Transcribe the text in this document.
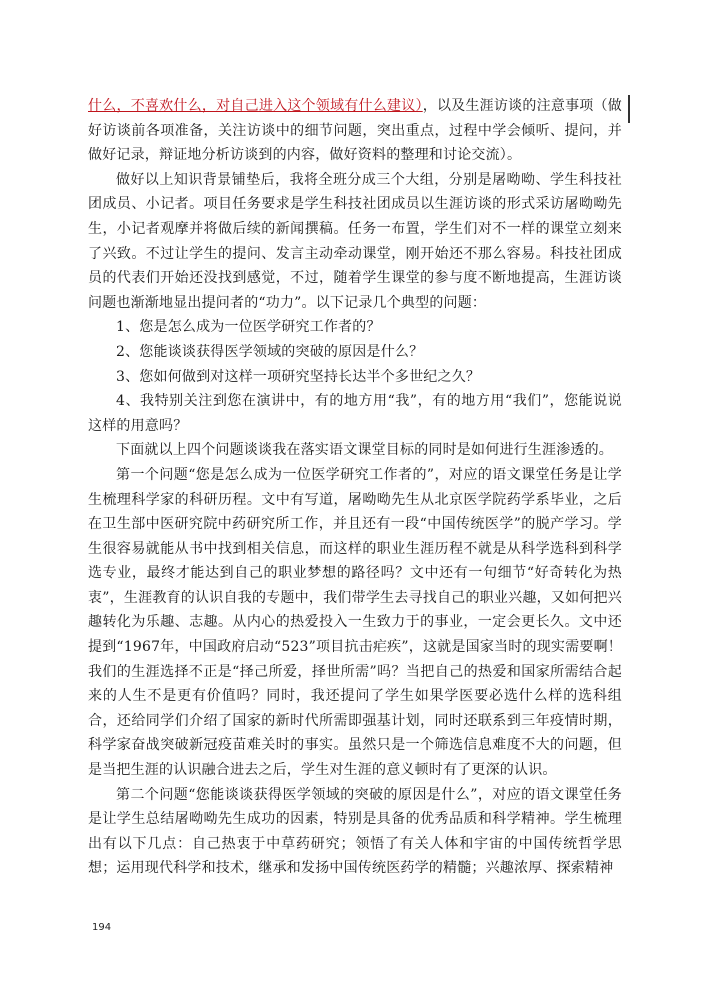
什么，不喜欢什么，对自己进入这个领域有什么建议），以及生涯访谈的注意事项（做好访谈前各项准备，关注访谈中的细节问题，突出重点，过程中学会倾听、提问，并做好记录，辩证地分析访谈到的内容，做好资料的整理和讨论交流）。

做好以上知识背景铺垫后，我将全班分成三个大组，分别是屠呦呦、学生科技社团成员、小记者。项目任务要求是学生科技社团成员以生涯访谈的形式采访屠呦呦先生，小记者观摩并将做后续的新闻撰稿。任务一布置，学生们对不一样的课堂立刻来了兴致。不过让学生的提问、发言主动牵动课堂，刚开始还不那么容易。科技社团成员的代表们开始还没找到感觉，不过，随着学生课堂的参与度不断地提高，生涯访谈问题也渐渐地显出提问者的“功力”。以下记录几个典型的问题：

1、您是怎么成为一位医学研究工作者的？

2、您能谈谈获得医学领域的突破的原因是什么？

3、您如何做到对这样一项研究坚持长达半个多世纪之久？

4、我特别关注到您在演讲中，有的地方用“我”，有的地方用“我们”，您能说说这样的用意吗？

下面就以上四个问题谈谈我在落实语文课堂目标的同时是如何进行生涯渗透的。

第一个问题“您是怎么成为一位医学研究工作者的”，对应的语文课堂任务是让学生梳理科学家的科研历程。文中有写道，屠呦呦先生从北京医学院药学系毕业，之后在卫生部中医研究院中药研究所工作，并且还有一段“中国传统医学”的脱产学习。学生很容易就能从书中找到相关信息，而这样的职业生涯历程不就是从科学选科到科学选专业，最终才能达到自己的职业梦想的路径吗？文中还有一句细节“好奇转化为热衷”，生涯教育的认识自我的专题中，我们带学生去寻找自己的职业兴趣，又如何把兴趣转化为乐趣、志趣。从内心的热爱投入一生致力于的事业，一定会更长久。文中还提到“1967年，中国政府启动“523”项目抗击疟疾”，这就是国家当时的现实需要啊！我们的生涯选择不正是“择己所爱，择世所需”吗？当把自己的热爱和国家所需结合起来的人生不是更有价值吗？同时，我还提问了学生如果学医要必选什么样的选科组合，还给同学们介绍了国家的新时代所需即强基计划，同时还联系到三年疫情时期，科学家奋战突破新冠疫苗难关时的事实。虽然只是一个筛选信息难度不大的问题，但是当把生涯的认识融合进去之后，学生对生涯的意义顿时有了更深的认识。

第二个问题“您能谈谈获得医学领域的突破的原因是什么”，对应的语文课堂任务是让学生总结屠呦呦先生成功的因素，特别是具备的优秀品质和科学精神。学生梳理出有以下几点：自己热衷于中草药研究；领悟了有关人体和宇宙的中国传统哲学思想；运用现代科学和技术，继承和发扬中国传统医药学的精髓；兴趣浓厚、探索精神

194
